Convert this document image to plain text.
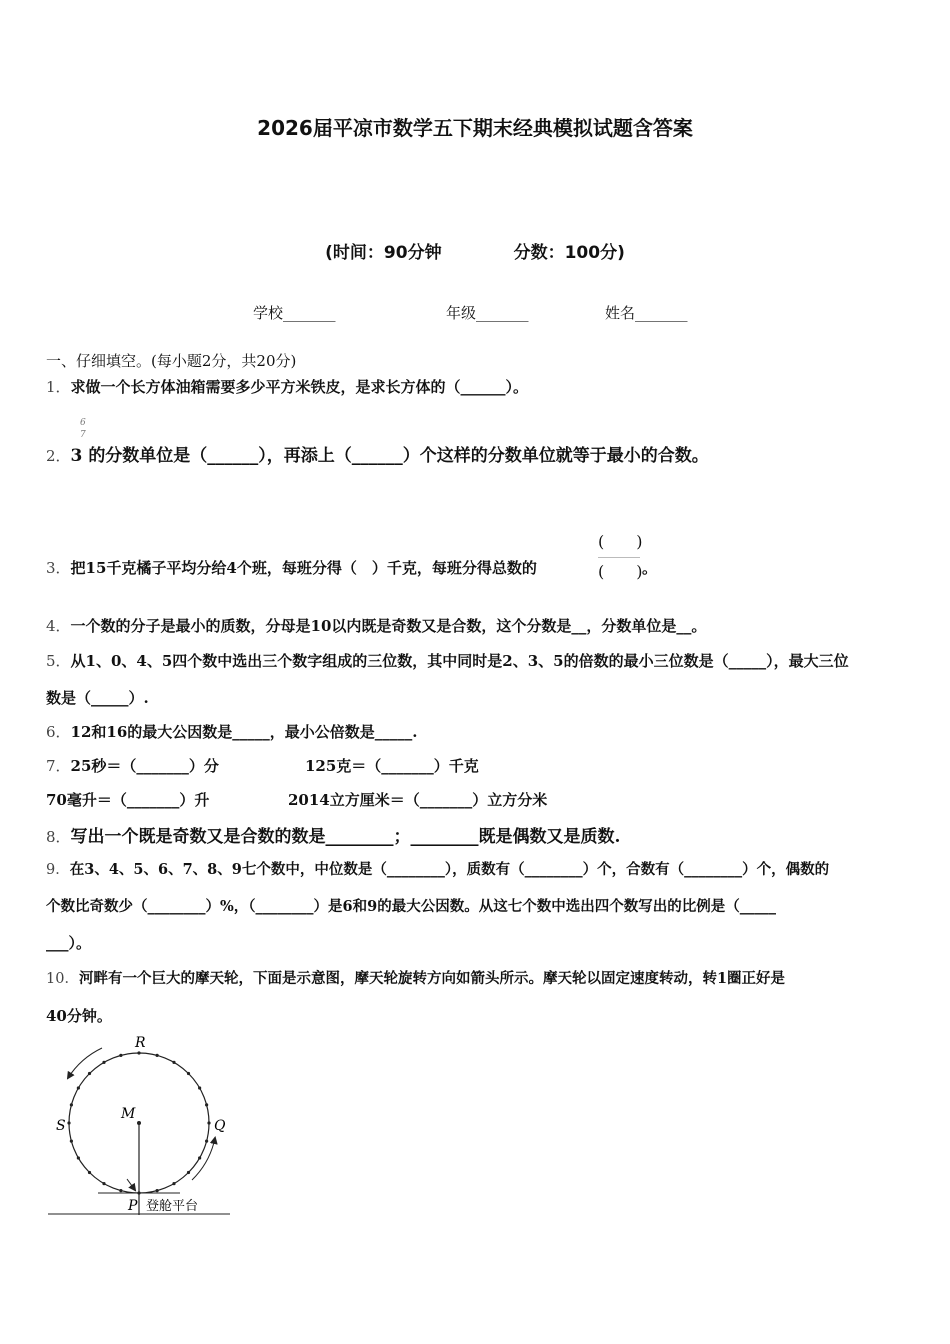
2026届平凉市数学五下期末经典模拟试题含答案
(时间：90分钟	分数：100分)
学校_______	年级_______	姓名_______
一、仔细填空。(每小题2分，共20分)
1．求做一个长方体油箱需要多少平方米铁皮，是求长方体的（______）。
6
7
2．3 的分数单位是（______），再添上（______）个这样的分数单位就等于最小的合数。
(　　)
3．把15千克橘子平均分给4个班，每班分得（　）千克，每班分得总数的	(　　) 。
4．一个数的分子是最小的质数，分母是10以内既是奇数又是合数，这个分数是__，分数单位是__。
5．从1、0、4、5四个数中选出三个数字组成的三位数，其中同时是2、3、5的倍数的最小三位数是（_____），最大三位
数是（_____）.
6．12和16的最大公因数是_____，最小公倍数是_____.
7．25秒＝（_______）分	125克＝（_______）千克
70毫升＝（_______）升	2014立方厘米＝（_______）立方分米
8．写出一个既是奇数又是合数的数是________；________既是偶数又是质数.
9．在3、4、5、6、7、8、9七个数中，中位数是（________），质数有（________）个，合数有（________）个，偶数的
个数比奇数少（________）%，（________）是6和9的最大公因数。从这七个数中选出四个数写出的比例是（_____
___）。
10．河畔有一个巨大的摩天轮，下面是示意图，摩天轮旋转方向如箭头所示。摩天轮以固定速度转动，转1圈正好是
40分钟。
R
S	Q
M
P 登舱平台
